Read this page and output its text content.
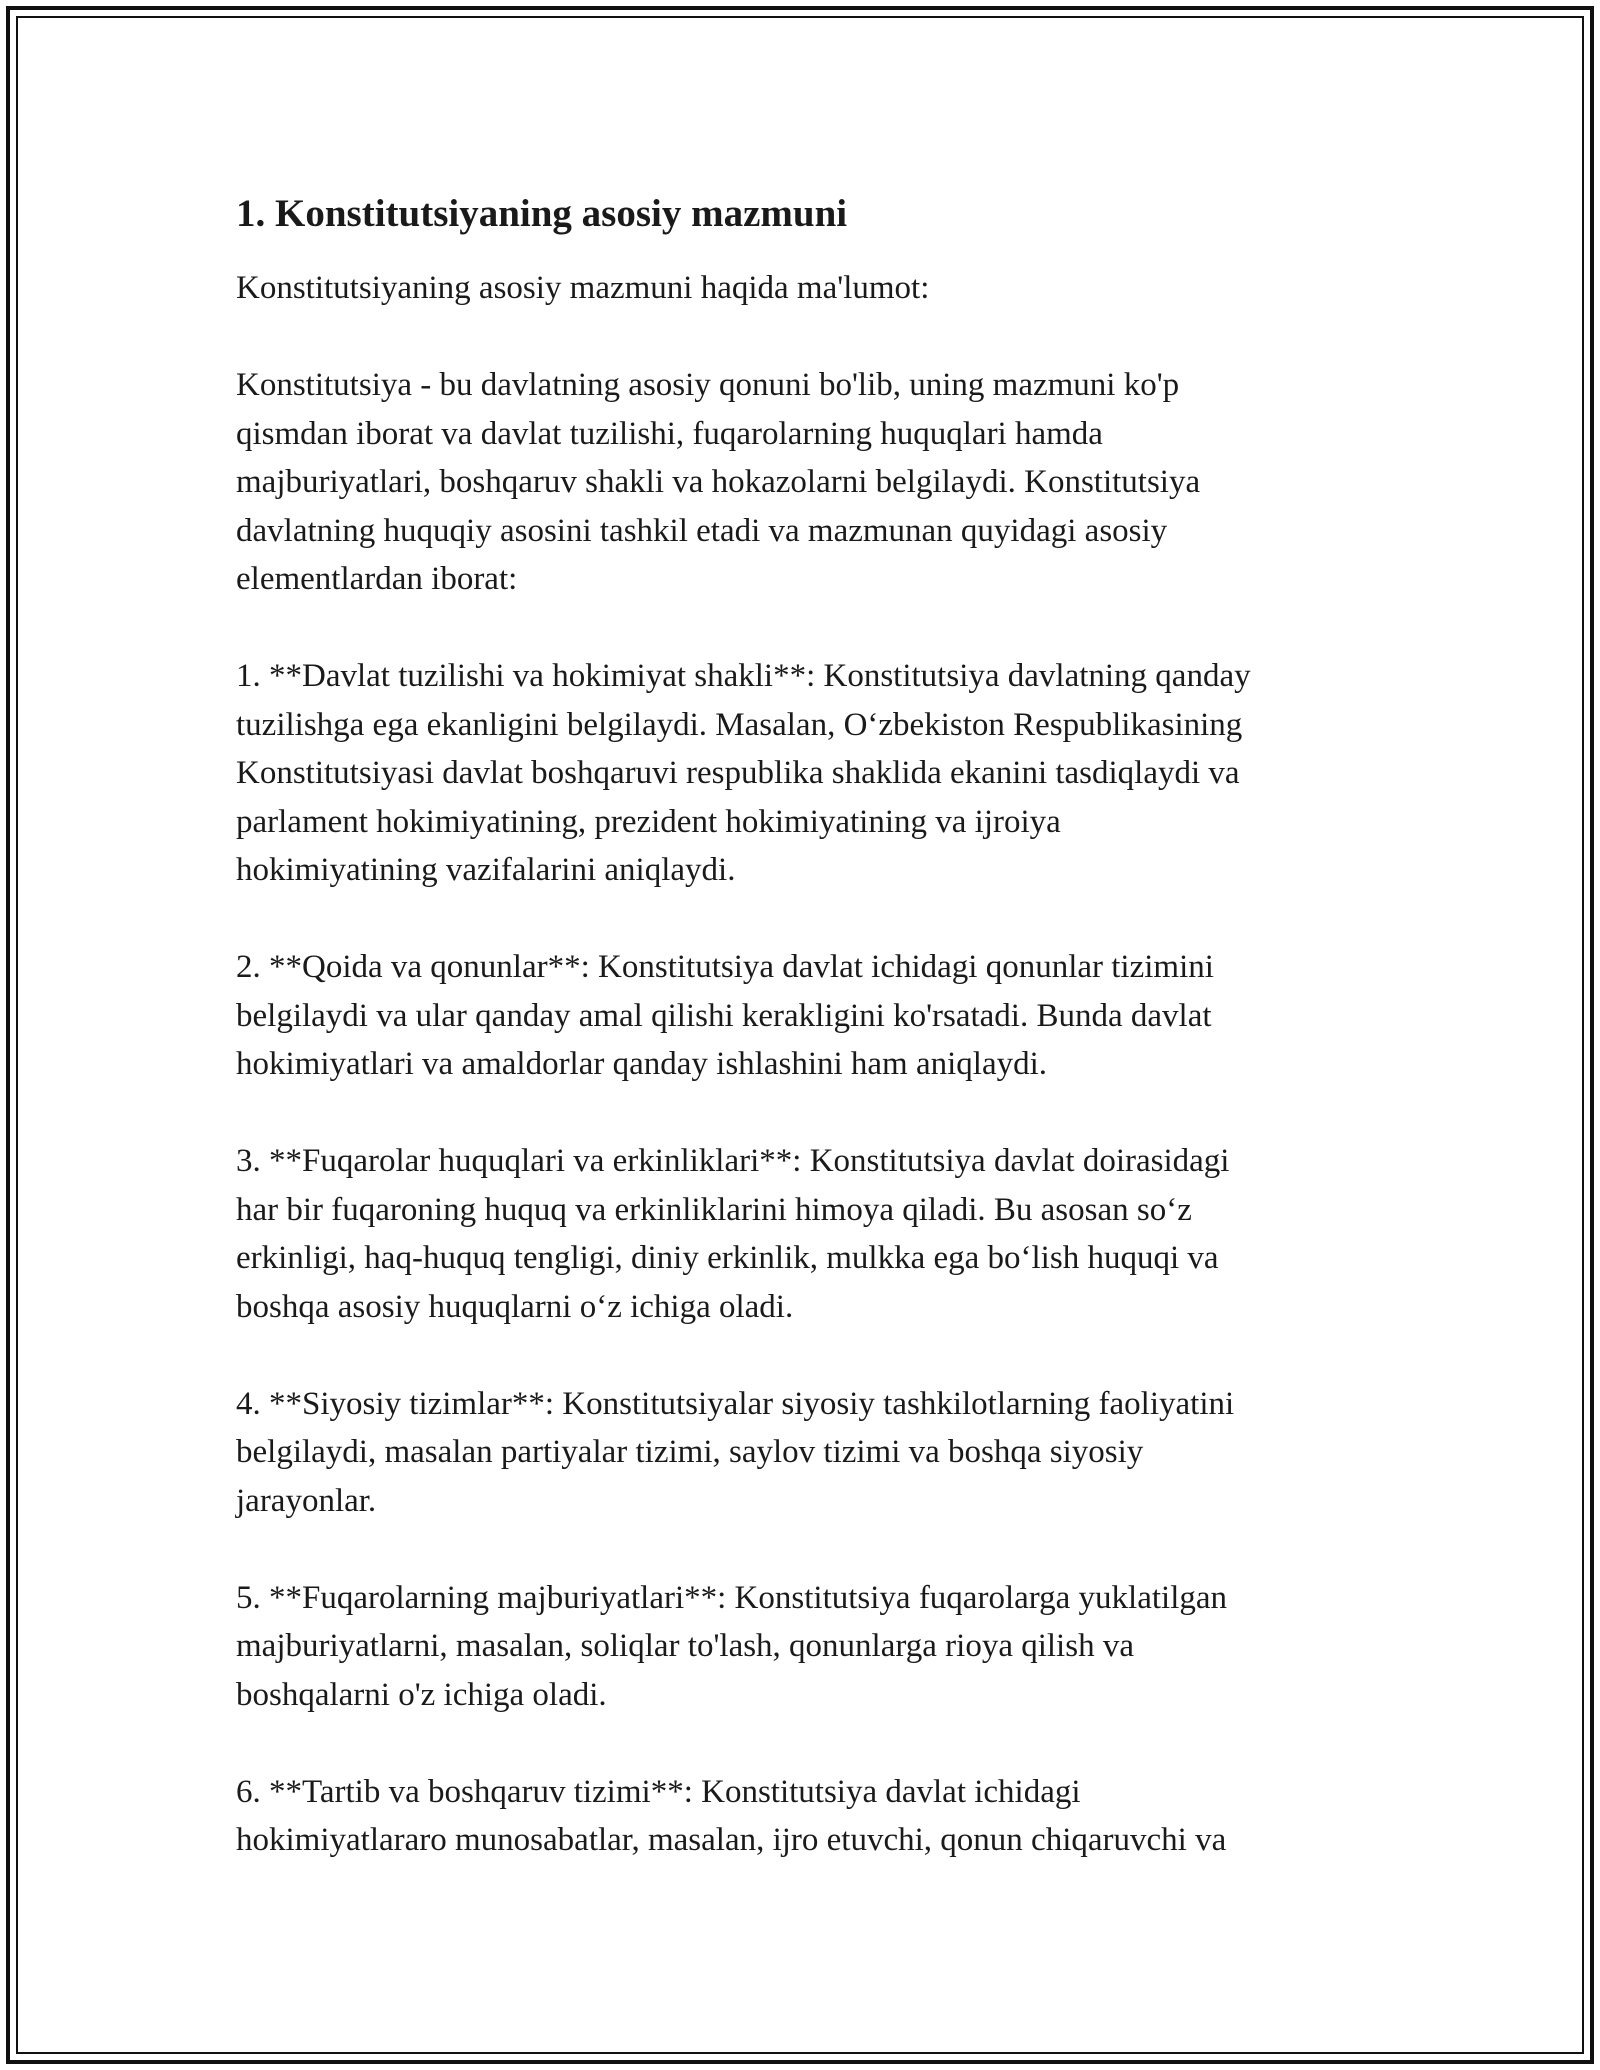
1. Konstitutsiyaning asosiy mazmuni
Konstitutsiyaning asosiy mazmuni haqida ma'lumot:
Konstitutsiya - bu davlatning asosiy qonuni bo'lib, uning mazmuni ko'p
qismdan iborat va davlat tuzilishi, fuqarolarning huquqlari hamda
majburiyatlari, boshqaruv shakli va hokazolarni belgilaydi. Konstitutsiya
davlatning huquqiy asosini tashkil etadi va mazmunan quyidagi asosiy
elementlardan iborat:
1. **Davlat tuzilishi va hokimiyat shakli**: Konstitutsiya davlatning qanday
tuzilishga ega ekanligini belgilaydi. Masalan, O‘zbekiston Respublikasining
Konstitutsiyasi davlat boshqaruvi respublika shaklida ekanini tasdiqlaydi va
parlament hokimiyatining, prezident hokimiyatining va ijroiya
hokimiyatining vazifalarini aniqlaydi.
2. **Qoida va qonunlar**: Konstitutsiya davlat ichidagi qonunlar tizimini
belgilaydi va ular qanday amal qilishi kerakligini ko'rsatadi. Bunda davlat
hokimiyatlari va amaldorlar qanday ishlashini ham aniqlaydi.
3. **Fuqarolar huquqlari va erkinliklari**: Konstitutsiya davlat doirasidagi
har bir fuqaroning huquq va erkinliklarini himoya qiladi. Bu asosan so‘z
erkinligi, haq-huquq tengligi, diniy erkinlik, mulkka ega bo‘lish huquqi va
boshqa asosiy huquqlarni o‘z ichiga oladi.
4. **Siyosiy tizimlar**: Konstitutsiyalar siyosiy tashkilotlarning faoliyatini
belgilaydi, masalan partiyalar tizimi, saylov tizimi va boshqa siyosiy
jarayonlar.
5. **Fuqarolarning majburiyatlari**: Konstitutsiya fuqarolarga yuklatilgan
majburiyatlarni, masalan, soliqlar to'lash, qonunlarga rioya qilish va
boshqalarni o'z ichiga oladi.
6. **Tartib va boshqaruv tizimi**: Konstitutsiya davlat ichidagi
hokimiyatlararo munosabatlar, masalan, ijro etuvchi, qonun chiqaruvchi va
